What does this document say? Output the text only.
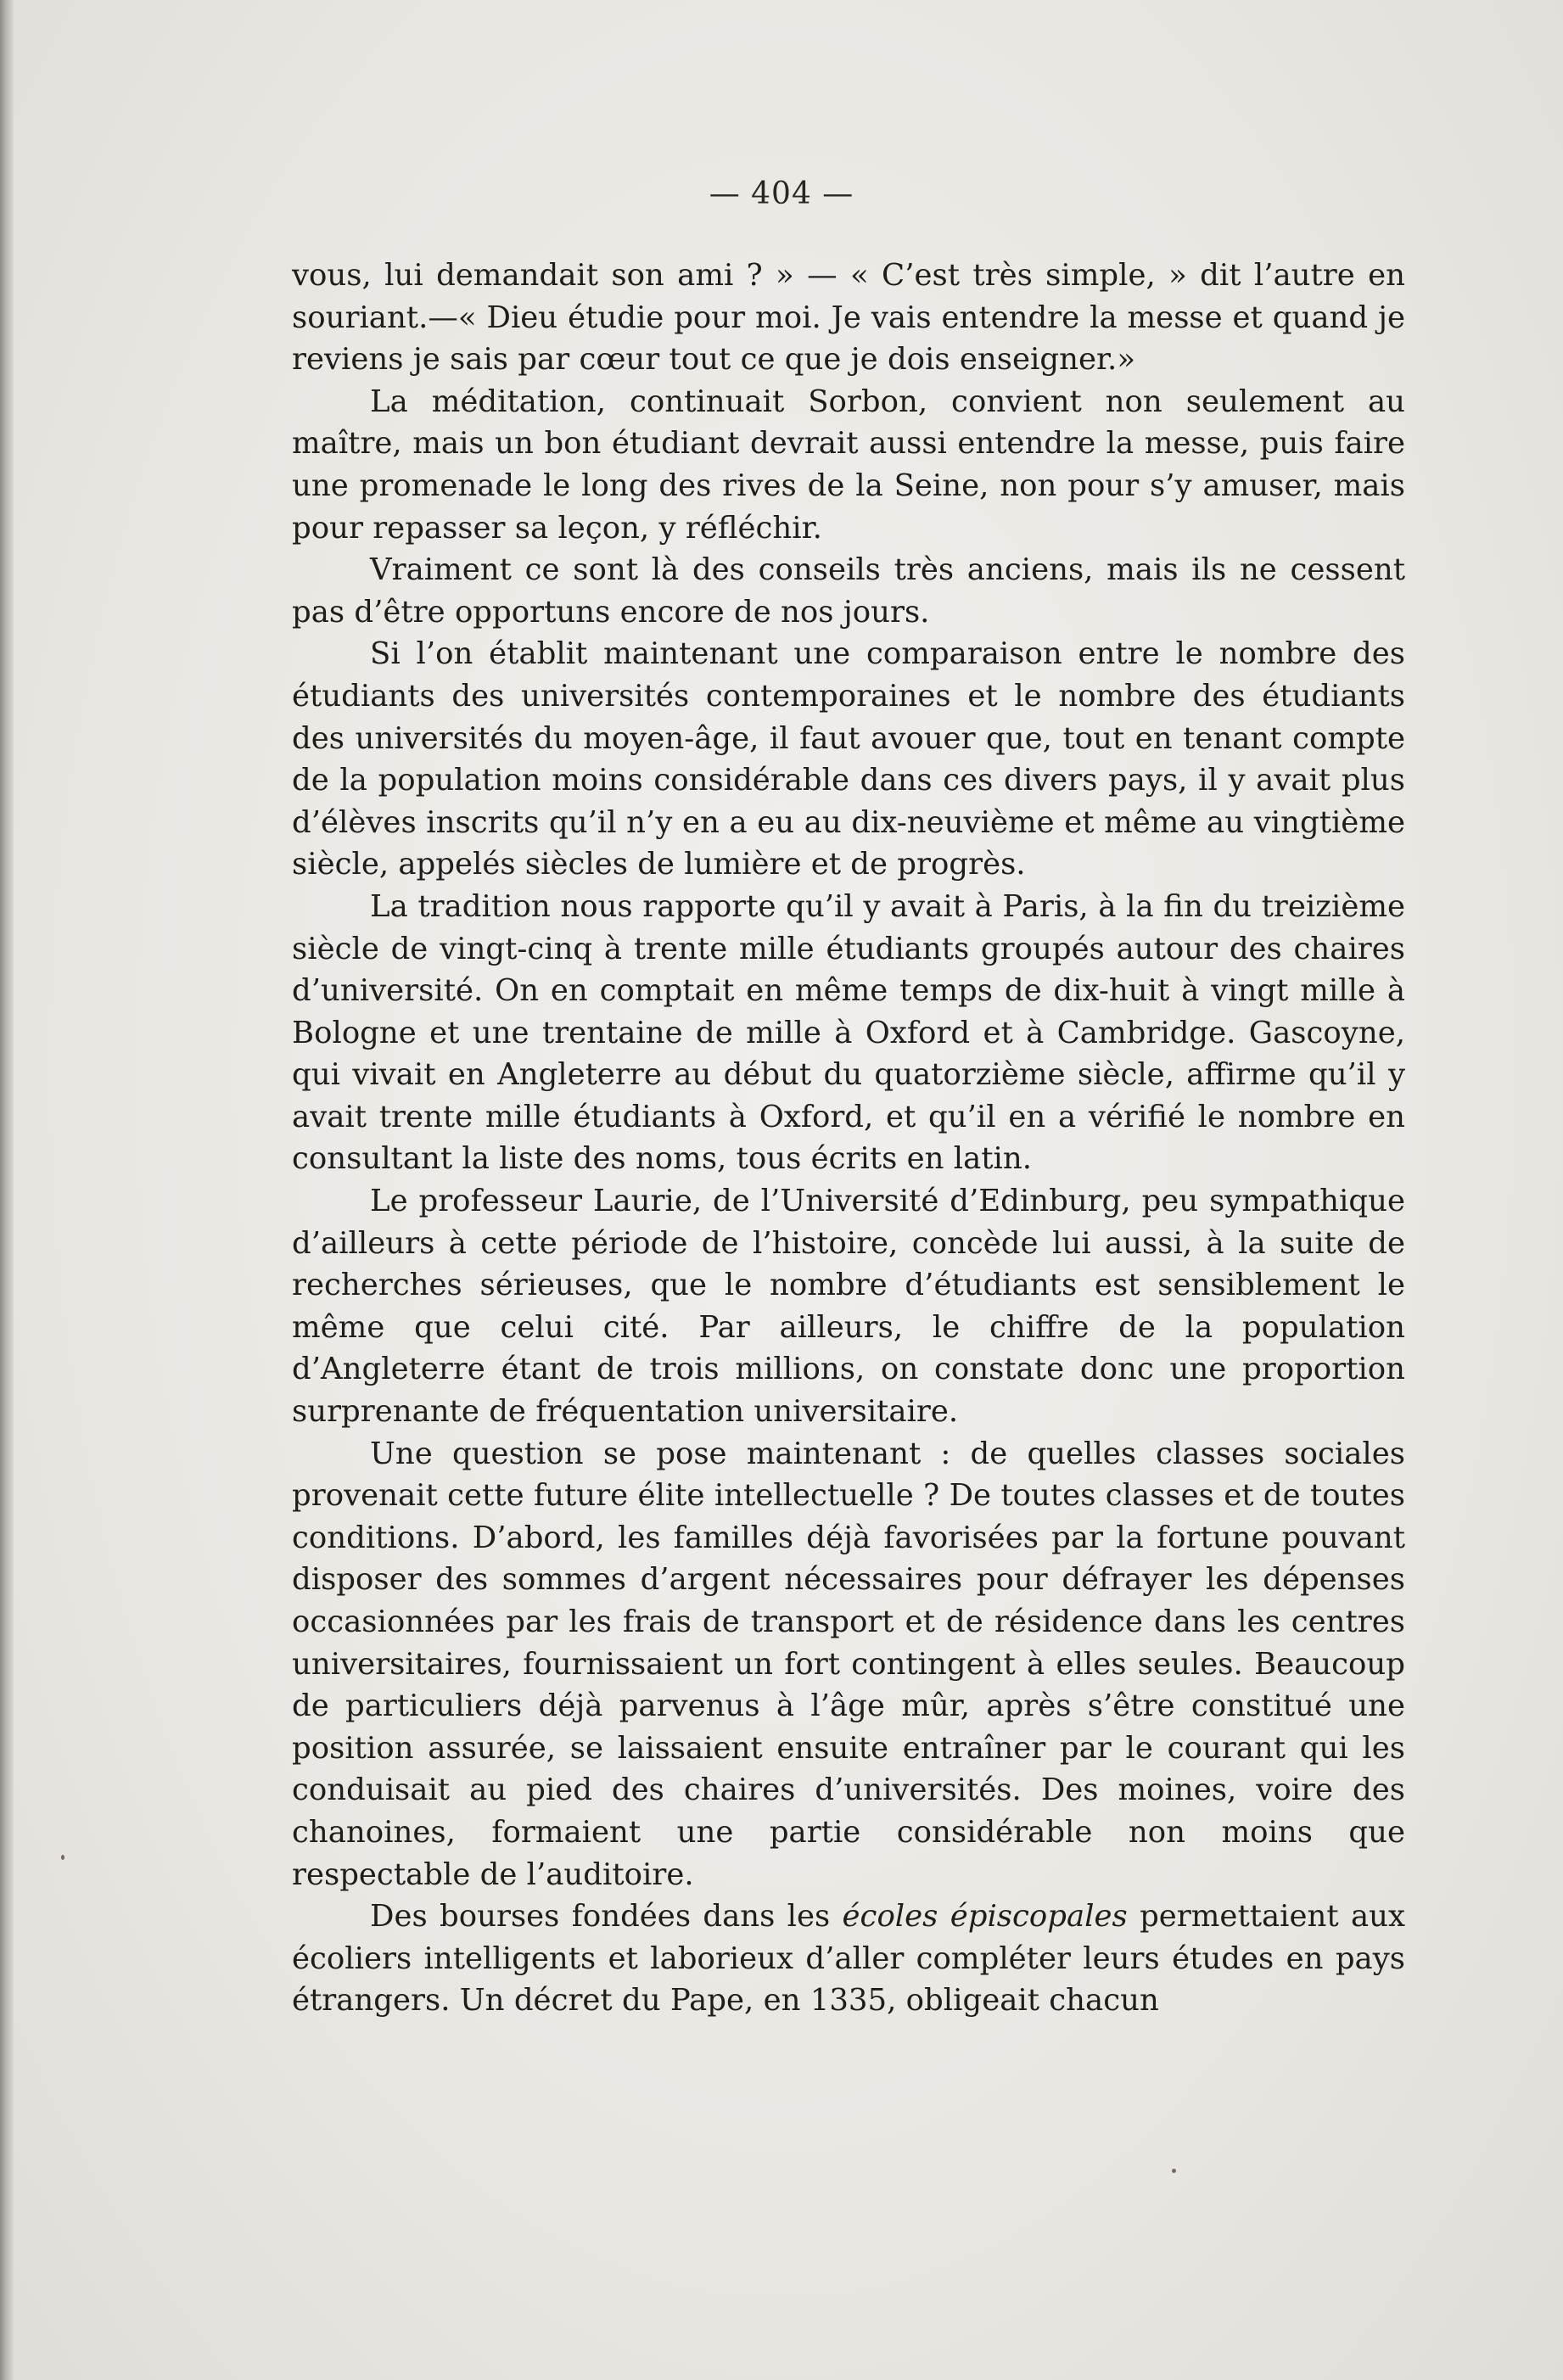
— 404 —

vous, lui demandait son ami ? » — « C’est très simple, » dit l’autre en souriant.—« Dieu étudie pour moi. Je vais entendre la messe et quand je reviens je sais par cœur tout ce que je dois enseigner.»

La méditation, continuait Sorbon, convient non seulement au maître, mais un bon étudiant devrait aussi entendre la messe, puis faire une promenade le long des rives de la Seine, non pour s’y amuser, mais pour repasser sa leçon, y réfléchir.

Vraiment ce sont là des conseils très anciens, mais ils ne cessent pas d’être opportuns encore de nos jours.

Si l’on établit maintenant une comparaison entre le nombre des étudiants des universités contemporaines et le nombre des étudiants des universités du moyen-âge, il faut avouer que, tout en tenant compte de la population moins considérable dans ces divers pays, il y avait plus d’élèves inscrits qu’il n’y en a eu au dix-neuvième et même au vingtième siècle, appelés siècles de lumière et de progrès.

La tradition nous rapporte qu’il y avait à Paris, à la fin du treizième siècle de vingt-cinq à trente mille étudiants groupés autour des chaires d’université. On en comptait en même temps de dix-huit à vingt mille à Bologne et une trentaine de mille à Oxford et à Cambridge. Gascoyne, qui vivait en Angleterre au début du quatorzième siècle, affirme qu’il y avait trente mille étudiants à Oxford, et qu’il en a vérifié le nombre en consultant la liste des noms, tous écrits en latin.

Le professeur Laurie, de l’Université d’Edinburg, peu sympathique d’ailleurs à cette période de l’histoire, concède lui aussi, à la suite de recherches sérieuses, que le nombre d’étudiants est sensiblement le même que celui cité. Par ailleurs, le chiffre de la population d’Angleterre étant de trois millions, on constate donc une proportion surprenante de fréquentation universitaire.

Une question se pose maintenant : de quelles classes sociales provenait cette future élite intellectuelle ? De toutes classes et de toutes conditions. D’abord, les familles déjà favorisées par la fortune pouvant disposer des sommes d’argent nécessaires pour défrayer les dépenses occasionnées par les frais de transport et de résidence dans les centres universitaires, fournissaient un fort contingent à elles seules. Beaucoup de particuliers déjà parvenus à l’âge mûr, après s’être constitué une position assurée, se laissaient ensuite entraîner par le courant qui les conduisait au pied des chaires d’universités. Des moines, voire des chanoines, formaient une partie considérable non moins que respectable de l’auditoire.

Des bourses fondées dans les écoles épiscopales permettaient aux écoliers intelligents et laborieux d’aller compléter leurs études en pays étrangers. Un décret du Pape, en 1335, obligeait chacun
